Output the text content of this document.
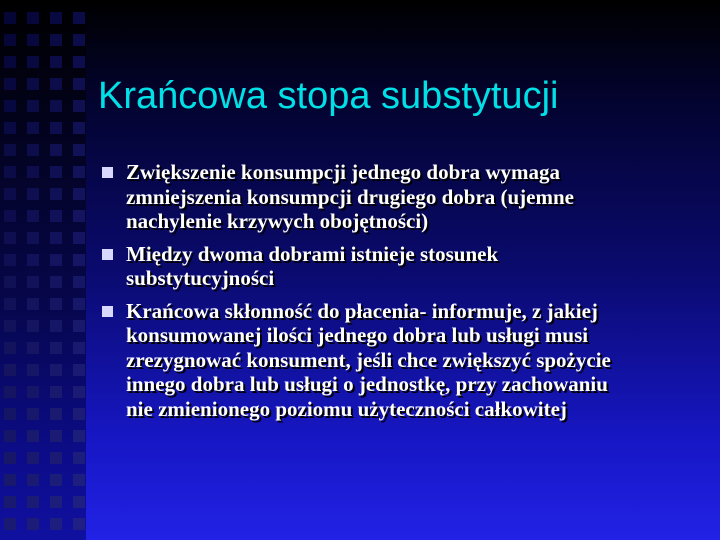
Krańcowa stopa substytucji
Zwiększenie konsumpcji jednego dobra wymaga
zmniejszenia konsumpcji drugiego dobra (ujemne
nachylenie krzywych obojętności)
Między dwoma dobrami istnieje stosunek
substytucyjności
Krańcowa skłonność do płacenia- informuje, z jakiej
konsumowanej ilości jednego dobra lub usługi musi
zrezygnować konsument, jeśli chce zwiększyć spożycie
innego dobra lub usługi o jednostkę, przy zachowaniu
nie zmienionego poziomu użyteczności całkowitej
